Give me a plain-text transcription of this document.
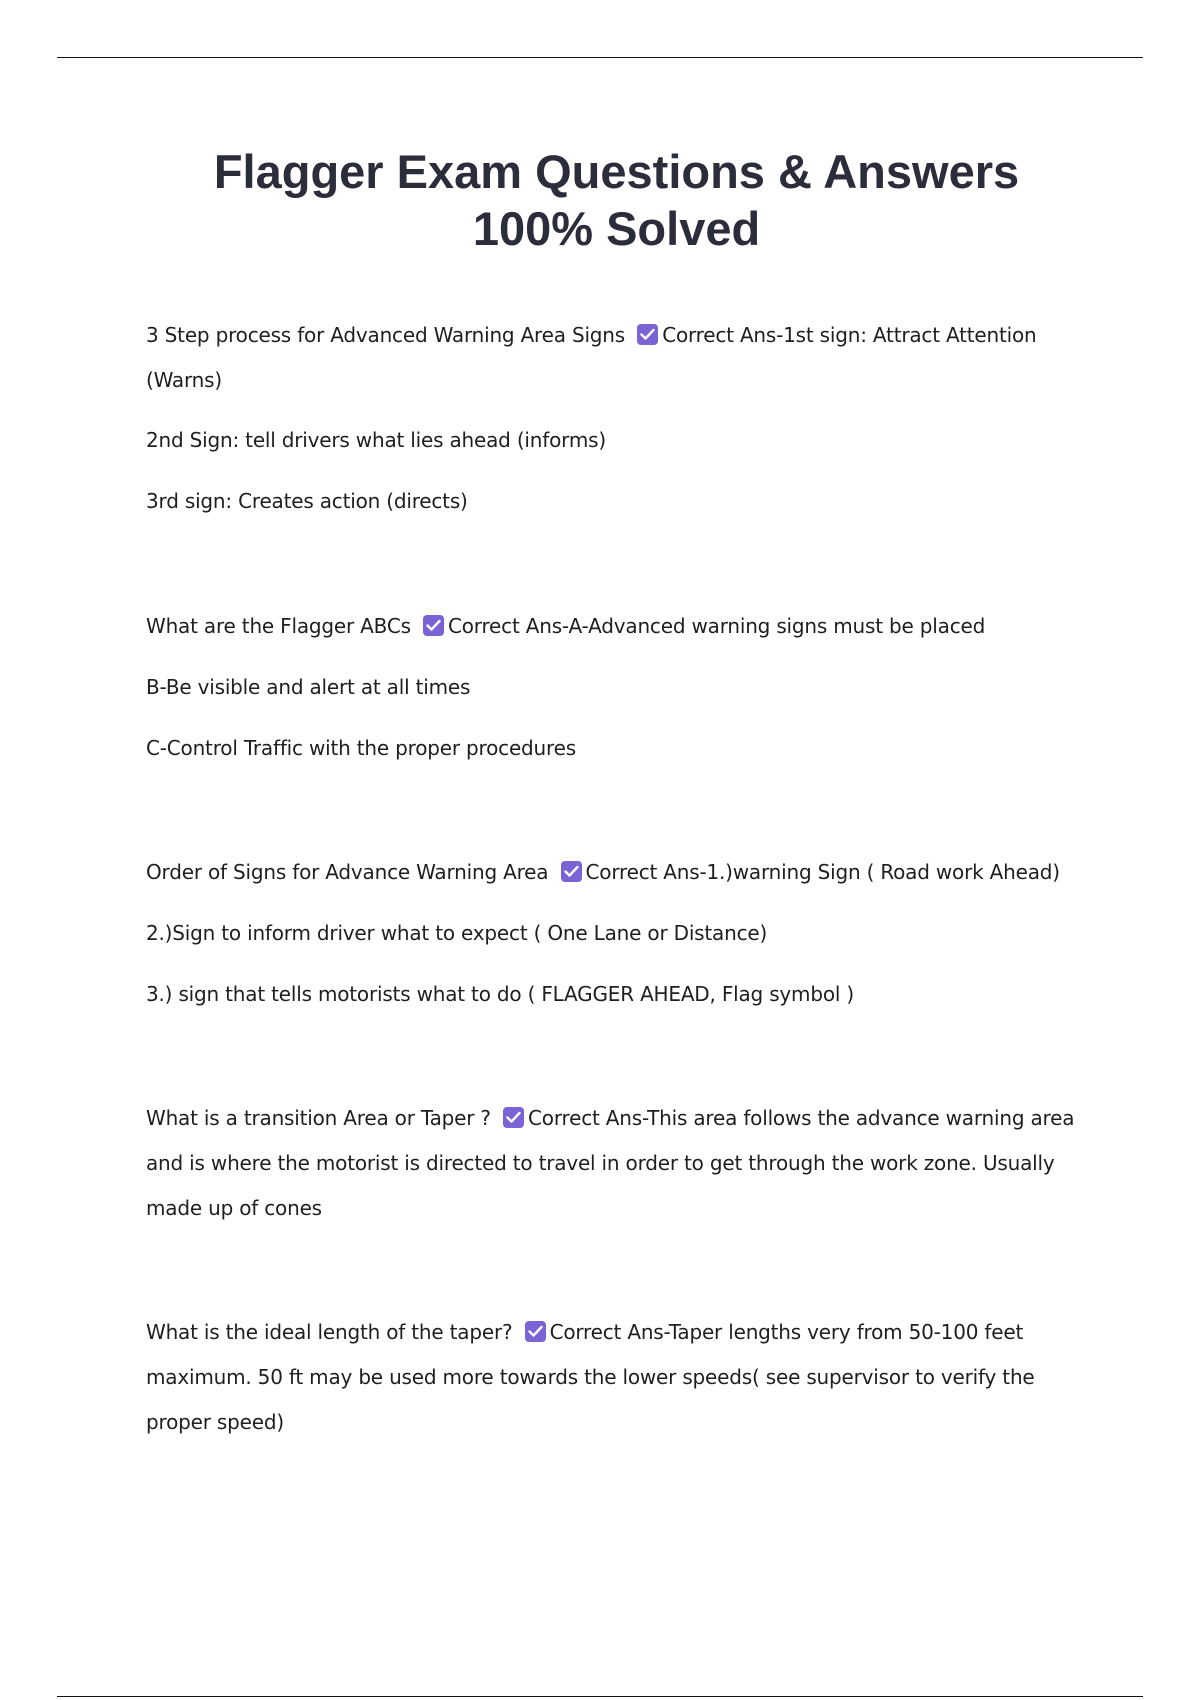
Flagger Exam Questions & Answers
100% Solved

3 Step process for Advanced Warning Area Signs Correct Ans-1st sign: Attract Attention (Warns)

2nd Sign: tell drivers what lies ahead (informs)

3rd sign: Creates action (directs)

What are the Flagger ABCs Correct Ans-A-Advanced warning signs must be placed

B-Be visible and alert at all times

C-Control Traffic with the proper procedures

Order of Signs for Advance Warning Area Correct Ans-1.)warning Sign ( Road work Ahead)

2.)Sign to inform driver what to expect ( One Lane or Distance)

3.) sign that tells motorists what to do ( FLAGGER AHEAD, Flag symbol )

What is a transition Area or Taper ? Correct Ans-This area follows the advance warning area and is where the motorist is directed to travel in order to get through the work zone. Usually made up of cones

What is the ideal length of the taper? Correct Ans-Taper lengths very from 50-100 feet maximum. 50 ft may be used more towards the lower speeds( see supervisor to verify the proper speed)
